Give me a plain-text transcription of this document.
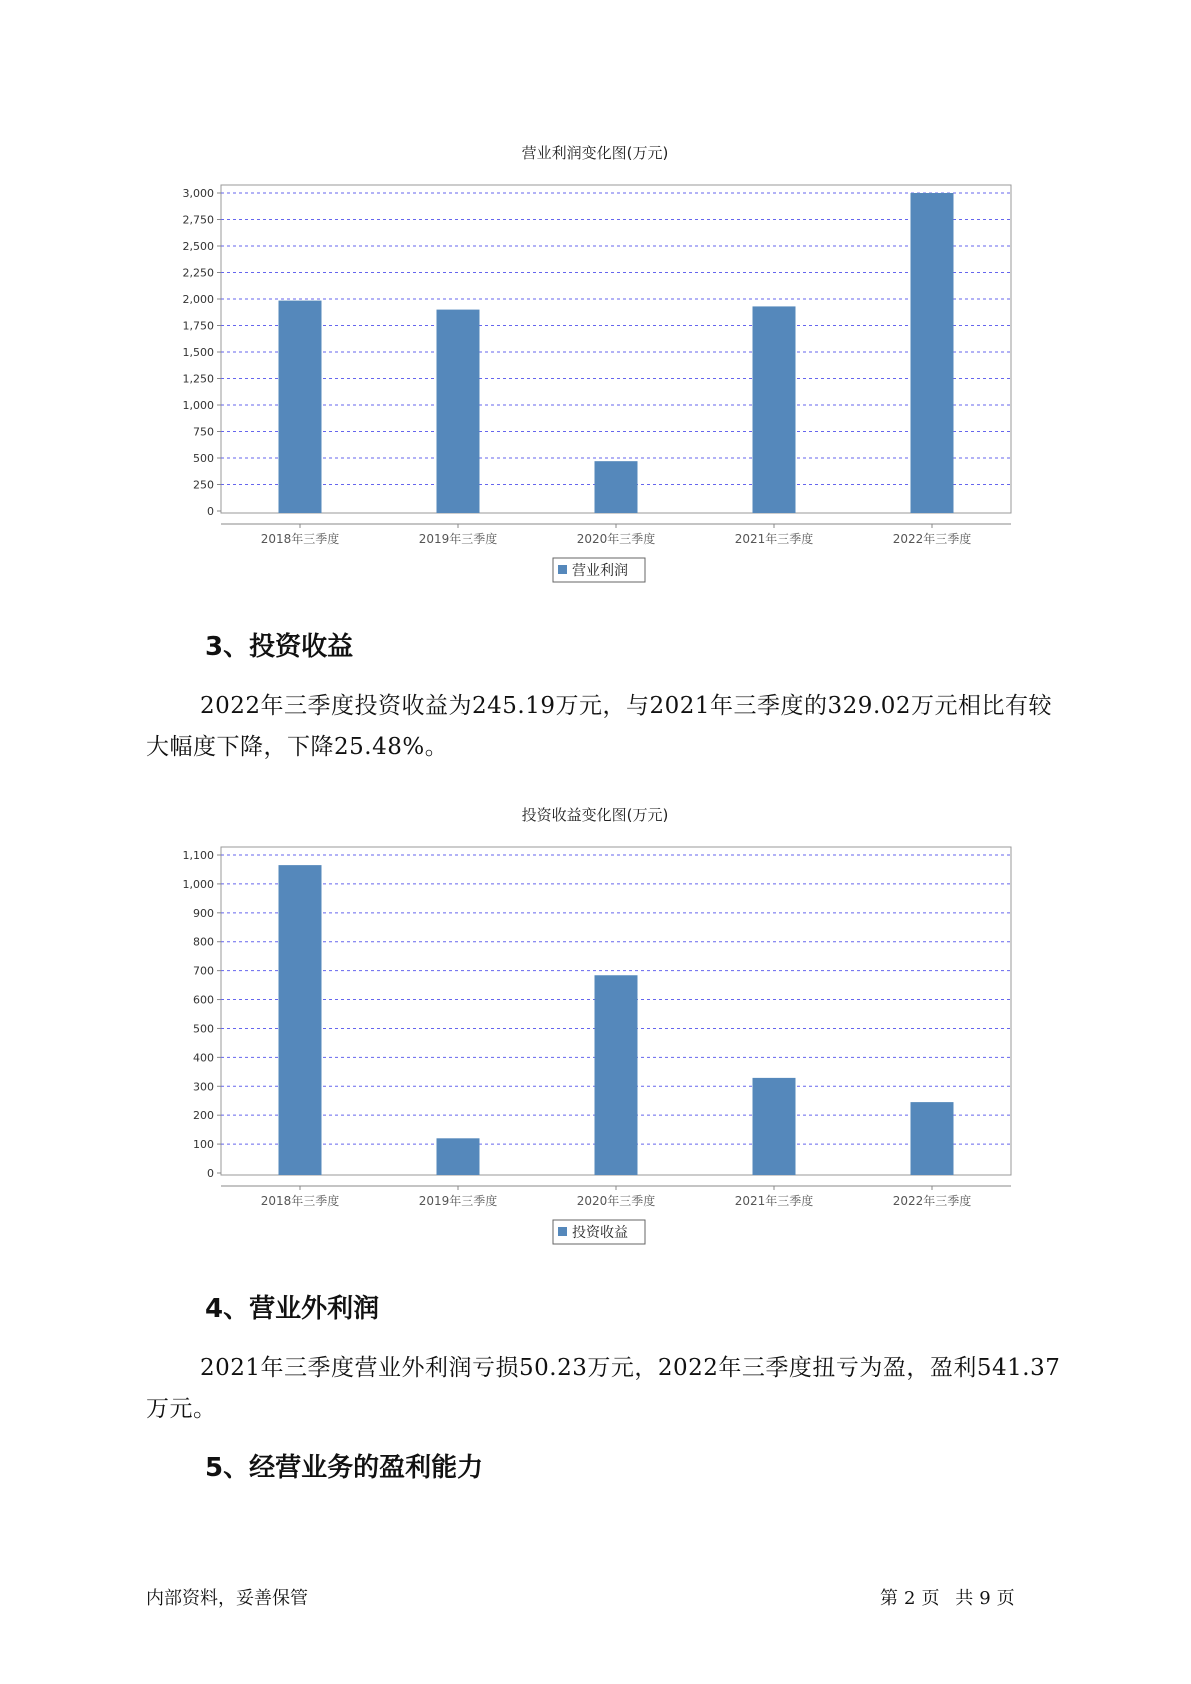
营业利润变化图(万元)
0
250
500
750
1,000
1,250
1,500
1,750
2,000
2,250
2,500
2,750
3,000
2018年三季度	2019年三季度	2020年三季度	2021年三季度	2022年三季度
营业利润
3、投资收益

2022年三季度投资收益为245.19万元，与2021年三季度的329.02万元相比有较大幅度下降，下降25.48%。

投资收益变化图(万元)
0
100
200
300
400
500
600
700
800
900
1,000
1,100
2018年三季度	2019年三季度	2020年三季度	2021年三季度	2022年三季度
投资收益
4、营业外利润

2021年三季度营业外利润亏损50.23万元，2022年三季度扭亏为盈，盈利541.37万元。

5、经营业务的盈利能力
内部资料，妥善保管	第 2 页 共 9 页
